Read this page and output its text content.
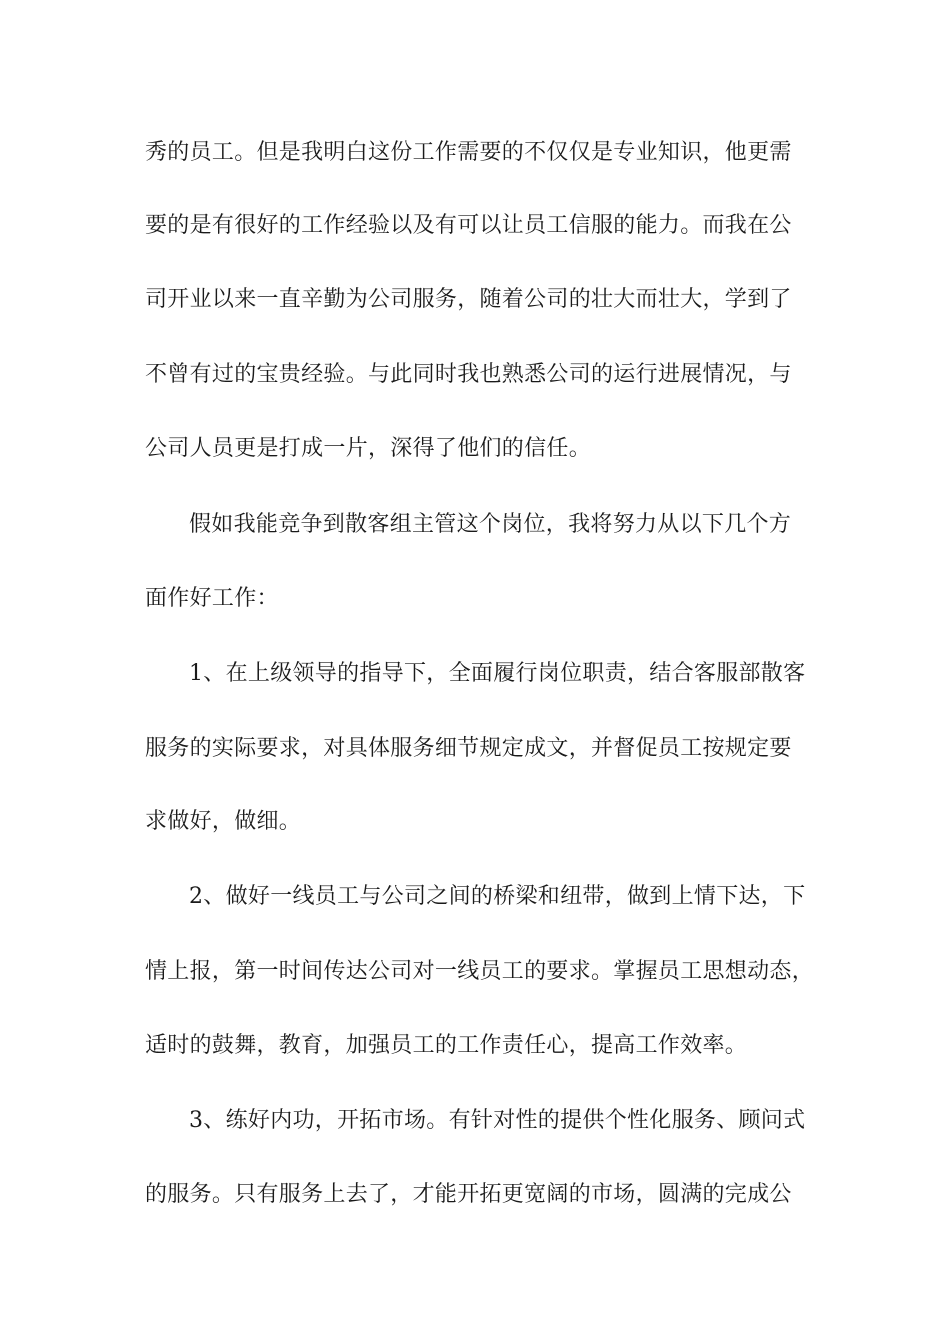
秀的员工。但是我明白这份工作需要的不仅仅是专业知识，他更需
要的是有很好的工作经验以及有可以让员工信服的能力。而我在公
司开业以来一直辛勤为公司服务，随着公司的壮大而壮大，学到了
不曾有过的宝贵经验。与此同时我也熟悉公司的运行进展情况，与
公司人员更是打成一片，深得了他们的信任。
假如我能竞争到散客组主管这个岗位，我将努力从以下几个方
面作好工作：
1、在上级领导的指导下，全面履行岗位职责，结合客服部散客
服务的实际要求，对具体服务细节规定成文，并督促员工按规定要
求做好，做细。
2、做好一线员工与公司之间的桥梁和纽带，做到上情下达，下
情上报，第一时间传达公司对一线员工的要求。掌握员工思想动态，
适时的鼓舞，教育，加强员工的工作责任心，提高工作效率。
3、练好内功，开拓市场。有针对性的提供个性化服务、顾问式
的服务。只有服务上去了，才能开拓更宽阔的市场，圆满的完成公
